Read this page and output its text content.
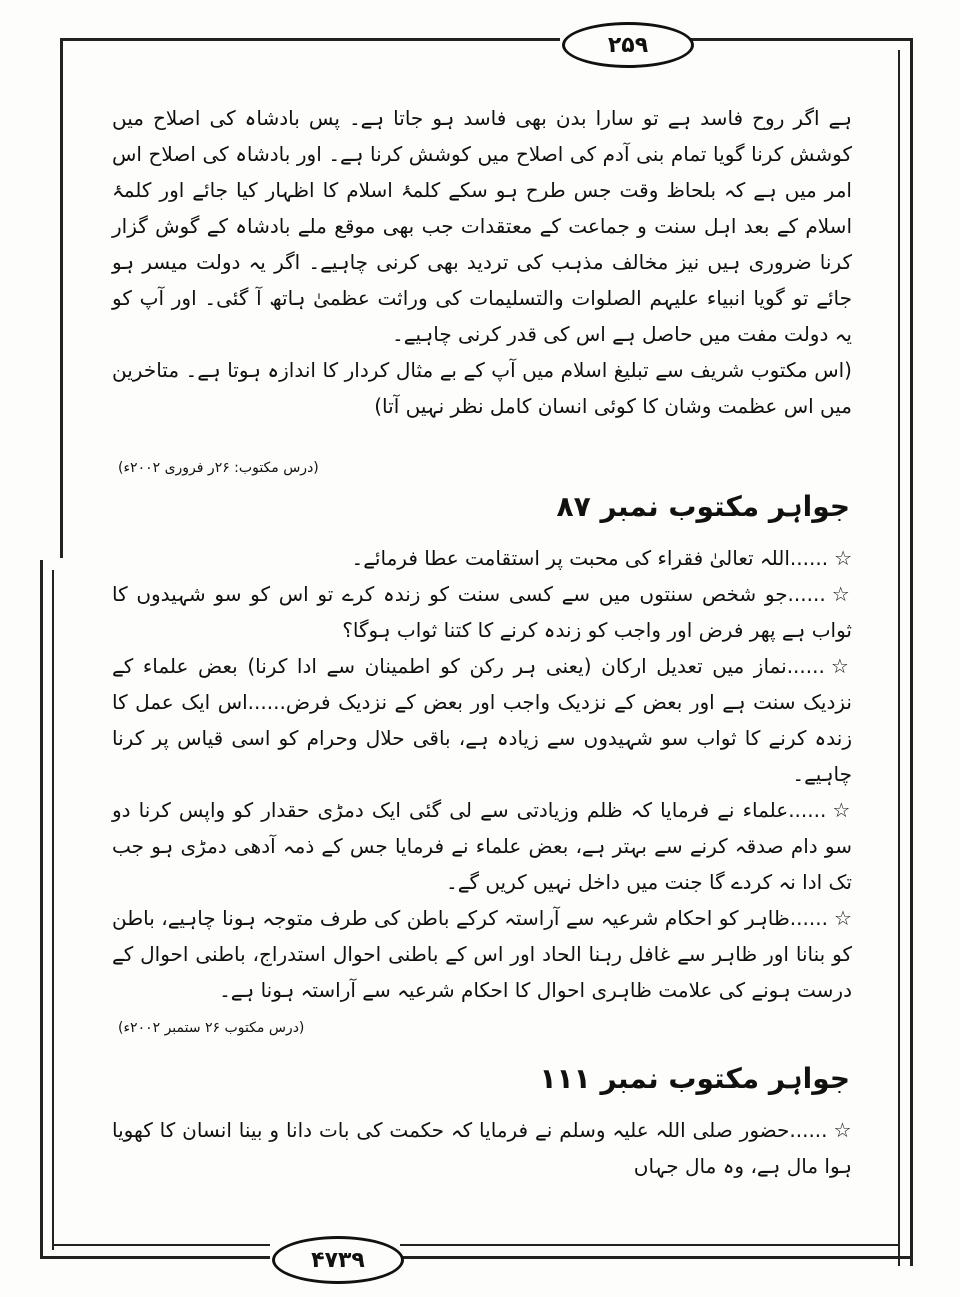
۲۵۹
۴۷۳۹

ہے اگر روح فاسد ہے تو سارا بدن بھی فاسد ہو جاتا ہے۔ پس بادشاہ کی اصلاح میں کوشش کرنا گویا تمام بنی آدم کی اصلاح میں کوشش کرنا ہے۔ اور بادشاہ کی اصلاح اس امر میں ہے کہ بلحاظ وقت جس طرح ہو سکے کلمۂ اسلام کا اظہار کیا جائے اور کلمۂ اسلام کے بعد اہل سنت و جماعت کے معتقدات جب بھی موقع ملے بادشاہ کے گوش گزار کرنا ضروری ہیں نیز مخالف مذہب کی تردید بھی کرنی چاہیے۔ اگر یہ دولت میسر ہو جائے تو گویا انبیاء علیہم الصلوات والتسلیمات کی وراثت عظمیٰ ہاتھ آ گئی۔ اور آپ کو یہ دولت مفت میں حاصل ہے اس کی قدر کرنی چاہیے۔

(اس مکتوب شریف سے تبلیغ اسلام میں آپ کے بے مثال کردار کا اندازہ ہوتا ہے۔ متاخرین میں اس عظمت وشان کا کوئی انسان کامل نظر نہیں آتا)

(درس مکتوب: ۲۶ر فروری ۲۰۰۲ء)
جواہر مکتوب نمبر ۸۷
☆......اللہ تعالیٰ فقراء کی محبت پر استقامت عطا فرمائے۔
☆......جو شخص سنتوں میں سے کسی سنت کو زندہ کرے تو اس کو سو شہیدوں کا ثواب ہے پھر فرض اور واجب کو زندہ کرنے کا کتنا ثواب ہوگا؟
☆......نماز میں تعدیل ارکان (یعنی ہر رکن کو اطمینان سے ادا کرنا) بعض علماء کے نزدیک سنت ہے اور بعض کے نزدیک واجب اور بعض کے نزدیک فرض......اس ایک عمل کا زندہ کرنے کا ثواب سو شہیدوں سے زیادہ ہے، باقی حلال وحرام کو اسی قیاس پر کرنا چاہیے۔
☆......علماء نے فرمایا کہ ظلم وزیادتی سے لی گئی ایک دمڑی حقدار کو واپس کرنا دو سو دام صدقہ کرنے سے بہتر ہے، بعض علماء نے فرمایا جس کے ذمہ آدھی دمڑی ہو جب تک ادا نہ کردے گا جنت میں داخل نہیں کریں گے۔
☆......ظاہر کو احکام شرعیہ سے آراستہ کرکے باطن کی طرف متوجہ ہونا چاہیے، باطن کو بنانا اور ظاہر سے غافل رہنا الحاد اور اس کے باطنی احوال استدراج، باطنی احوال کے درست ہونے کی علامت ظاہری احوال کا احکام شرعیہ سے آراستہ ہونا ہے۔
(درس مکتوب ۲۶ ستمبر ۲۰۰۲ء)
جواہر مکتوب نمبر ۱۱۱
☆......حضور صلی اللہ علیہ وسلم نے فرمایا کہ حکمت کی بات دانا و بینا انسان کا کھویا ہوا مال ہے، وہ مال جہاں
